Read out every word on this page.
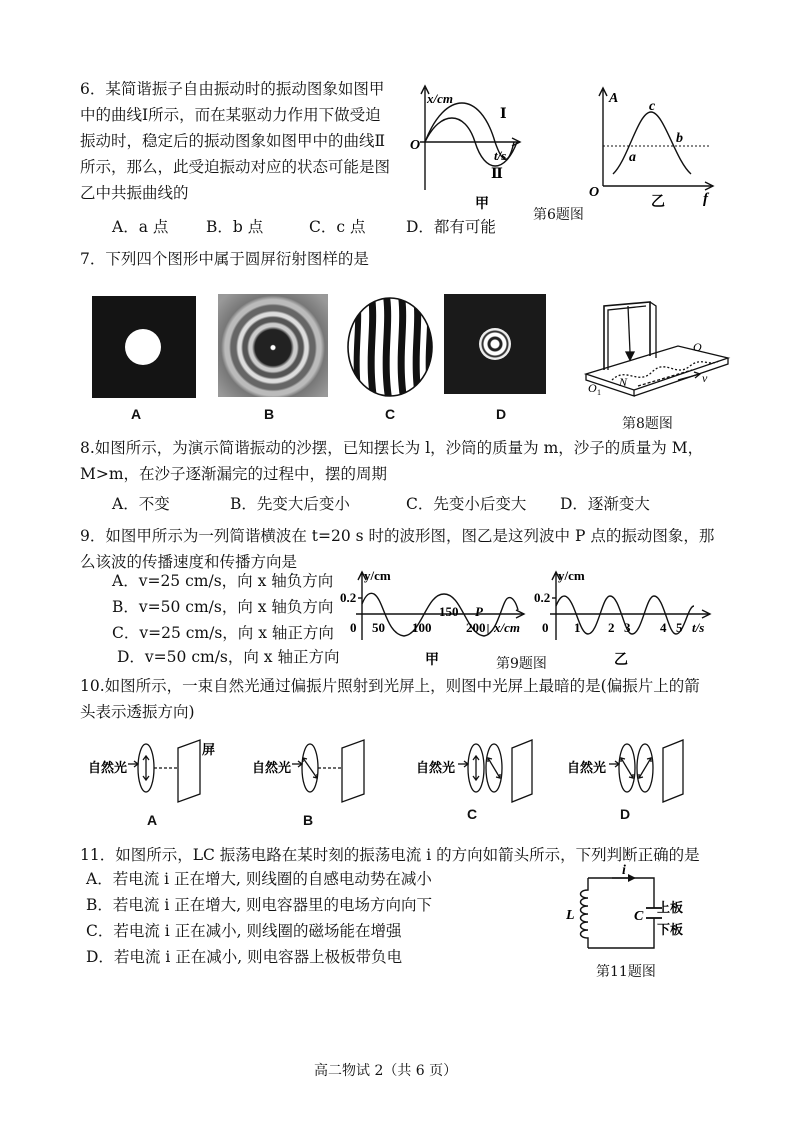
6．某简谐振子自由振动时的振动图象如图甲
中的曲线Ⅰ所示，而在某驱动力作用下做受迫
振动时，稳定后的振动图象如图甲中的曲线Ⅱ
所示，那么，此受迫振动对应的状态可能是图
乙中共振曲线的
A．a 点 B．b 点	C．c 点	D．都有可能
x/cm
O
t/s
Ⅰ
Ⅱ
甲
A
O	f
c
a
b
乙
第6题图
7．下列四个图形中属于圆屏衍射图样的是
A	B	C	D
O
O 1
N	v
第8题图
8.如图所示，为演示简谐振动的沙摆，已知摆长为 l，沙筒的质量为 m，沙子的质量为 M，
M>m，在沙子逐渐漏完的过程中，摆的周期
A．不变	B．先变大后变小	C．先变小后变大 D．逐渐变大
9．如图甲所示为一列简谐横波在 t=20 s 时的波形图，图乙是这列波中 P 点的振动图象，那
么该波的传播速度和传播方向是
A．v=25 cm/s，向 x 轴负方向
B．v=50 cm/s，向 x 轴负方向
C．v=25 cm/s，向 x 轴正方向
D．v=50 cm/s，向 x 轴正方向
y/cm
0.2
0 50 100
150 P
200 x/cm
甲
y/cm
0.2
0 1 2 3 4 5 t/s
乙
第9题图
10.如图所示，一束自然光通过偏振片照射到光屏上，则图中光屏上最暗的是(偏振片上的箭
头表示透振方向)
自然光
屏
自然光	自然光	自然光
A	B	C	D
11．如图所示，LC 振荡电路在某时刻的振荡电流 i 的方向如箭头所示，下列判断正确的是
A．若电流 i 正在增大, 则线圈的自感电动势在减小
B．若电流 i 正在增大, 则电容器里的电场方向向下
C．若电流 i 正在减小, 则线圈的磁场能在增强
D．若电流 i 正在减小, 则电容器上极板带负电
i
L	C
上板
下板
第11题图
高二物试 2（共 6 页）
